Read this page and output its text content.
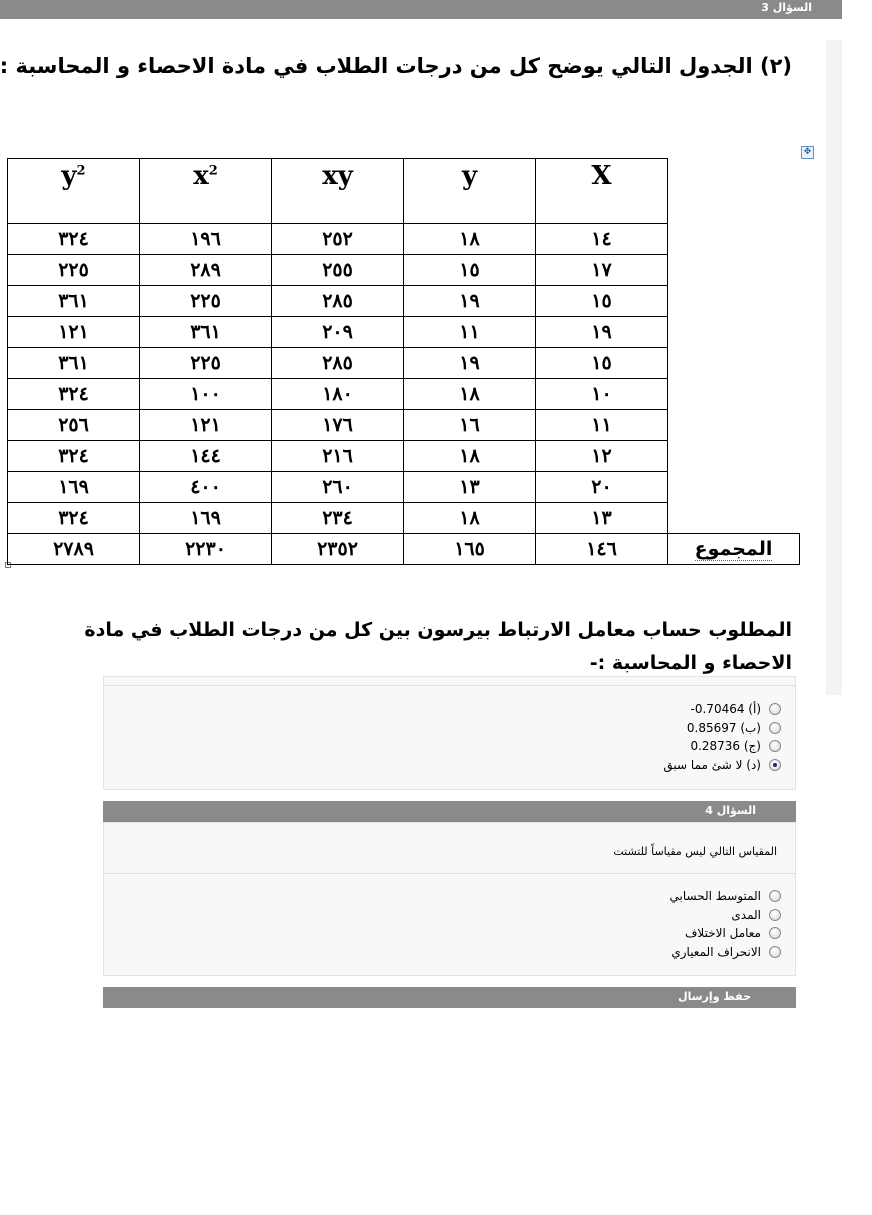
السؤال 3
(٢) الجدول التالي يوضح كل من درجات الطلاب في مادة الاحصاء و المحاسبة :
✥
$y^2$	$x^2$	xy	y	X	
٣٢٤	١٩٦	٢٥٢	١٨	١٤	
٢٢٥	٢٨٩	٢٥٥	١٥	١٧	
٣٦١	٢٢٥	٢٨٥	١٩	١٥	
١٢١	٣٦١	٢٠٩	١١	١٩	
٣٦١	٢٢٥	٢٨٥	١٩	١٥	
٣٢٤	١٠٠	١٨٠	١٨	١٠	
٢٥٦	١٢١	١٧٦	١٦	١١	
٣٢٤	١٤٤	٢١٦	١٨	١٢	
١٦٩	٤٠٠	٢٦٠	١٣	٢٠	
٣٢٤	١٦٩	٢٣٤	١٨	١٣	
٢٧٨٩	٢٢٣٠	٢٣٥٢	١٦٥	١٤٦	المجموع
المطلوب حساب معامل الارتباط بيرسون بين كل من درجات الطلاب في مادة الاحصاء و المحاسبة :-
(أ) 0.70464-
(ب) 0.85697
(ج) 0.28736
(د) لا شئ مما سبق
السؤال 4
المقياس التالي ليس مقياساً للتشتت
المتوسط الحسابي
المدى
معامل الاختلاف
الانحراف المعياري
حفظ وإرسال
